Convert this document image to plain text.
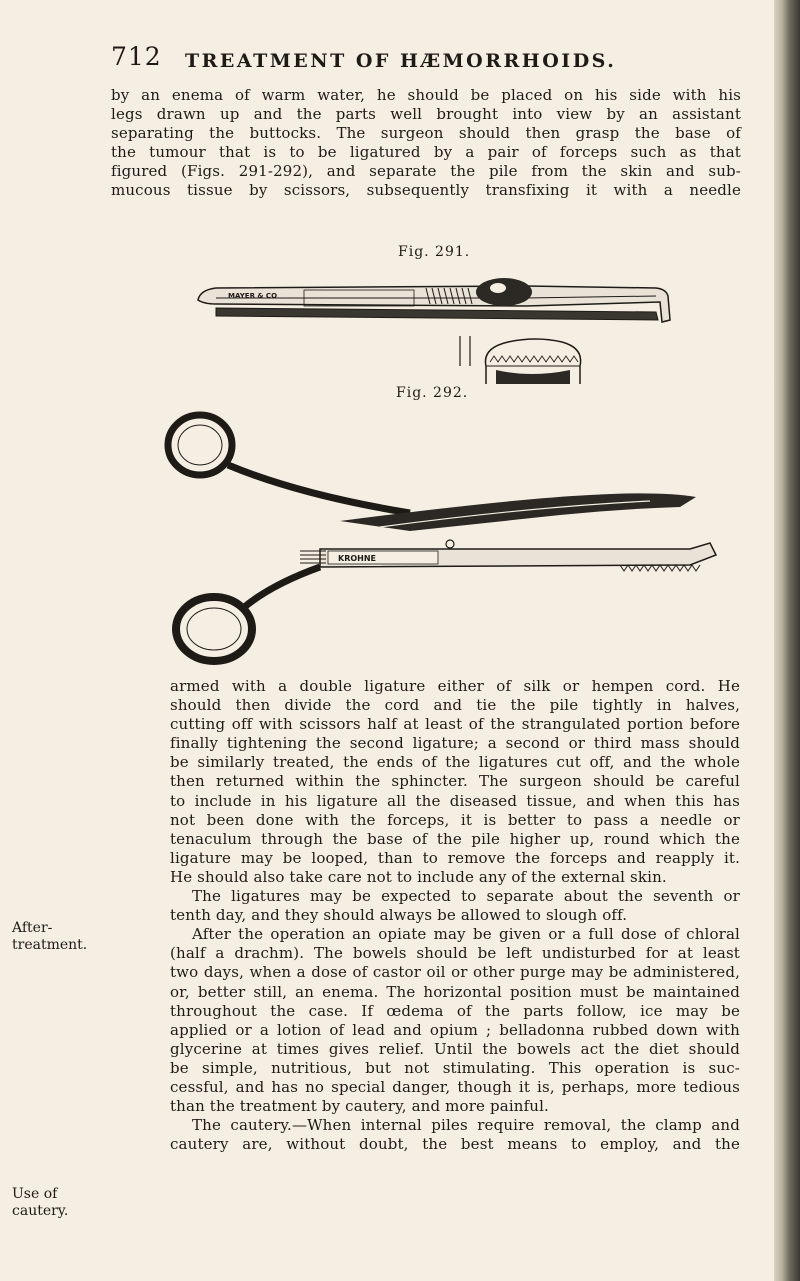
712 TREATMENT OF HÆMORRHOIDS.

by an enema of warm water, he should be placed on his side with his
legs drawn up and the parts well brought into view by an assistant
separating the buttocks. The surgeon should then grasp the base of
the tumour that is to be ligatured by a pair of forceps such as that
figured (Figs. 291-292), and separate the pile from the skin and sub-
mucous tissue by scissors, subsequently transfixing it with a needle

Fig. 291.
MAYER & CO
Fig. 292.
KROHNE

armed with a double ligature either of silk or hempen cord. He
should then divide the cord and tie the pile tightly in halves,
cutting off with scissors half at least of the strangulated portion before
finally tightening the second ligature; a second or third mass should
be similarly treated, the ends of the ligatures cut off, and the whole
then returned within the sphincter. The surgeon should be careful
to include in his ligature all the diseased tissue, and when this has
not been done with the forceps, it is better to pass a needle or
tenaculum through the base of the pile higher up, round which the
ligature may be looped, than to remove the forceps and reapply it.
He should also take care not to include any of the external skin.
The ligatures may be expected to separate about the seventh or
tenth day, and they should always be allowed to slough off.
After the operation an opiate may be given or a full dose of chloral
(half a drachm). The bowels should be left undisturbed for at least
two days, when a dose of castor oil or other purge may be administered,
or, better still, an enema. The horizontal position must be maintained
throughout the case. If œdema of the parts follow, ice may be
applied or a lotion of lead and opium ; belladonna rubbed down with
glycerine at times gives relief. Until the bowels act the diet should
be simple, nutritious, but not stimulating. This operation is suc-
cessful, and has no special danger, though it is, perhaps, more tedious
than the treatment by cautery, and more painful.
The cautery.—When internal piles require removal, the clamp and
cautery are, without doubt, the best means to employ, and the

After-
treatment.
Use of
cautery.
